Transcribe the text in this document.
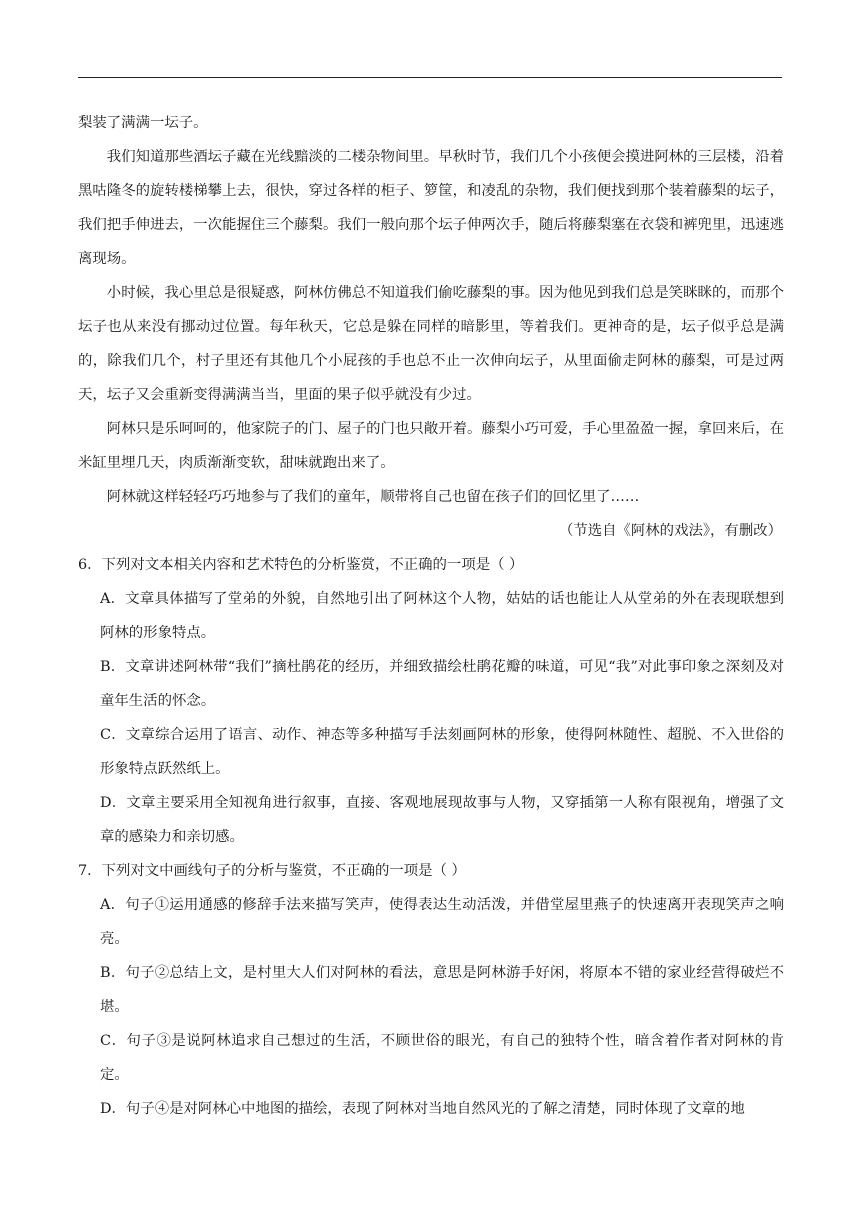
梨装了满满一坛子。

我们知道那些酒坛子藏在光线黯淡的二楼杂物间里。早秋时节，我们几个小孩便会摸进阿林的三层楼，沿着黑咕隆冬的旋转楼梯攀上去，很快，穿过各样的柜子、箩筐，和凌乱的杂物，我们便找到那个装着藤梨的坛子，我们把手伸进去，一次能握住三个藤梨。我们一般向那个坛子伸两次手，随后将藤梨塞在衣袋和裤兜里，迅速逃离现场。

小时候，我心里总是很疑惑，阿林仿佛总不知道我们偷吃藤梨的事。因为他见到我们总是笑眯眯的，而那个坛子也从来没有挪动过位置。每年秋天，它总是躲在同样的暗影里，等着我们。更神奇的是，坛子似乎总是满的，除我们几个，村子里还有其他几个小屁孩的手也总不止一次伸向坛子，从里面偷走阿林的藤梨，可是过两天，坛子又会重新变得满满当当，里面的果子似乎就没有少过。

阿林只是乐呵呵的，他家院子的门、屋子的门也只敞开着。藤梨小巧可爱，手心里盈盈一握，拿回来后，在米缸里埋几天，肉质渐渐变软，甜味就跑出来了。

阿林就这样轻轻巧巧地参与了我们的童年，顺带将自己也留在孩子们的回忆里了……

（节选自《阿林的戏法》，有删改）

6．下列对文本相关内容和艺术特色的分析鉴赏，不正确的一项是（ ）

A．文章具体描写了堂弟的外貌，自然地引出了阿林这个人物，姑姑的话也能让人从堂弟的外在表现联想到阿林的形象特点。

B．文章讲述阿林带“我们”摘杜鹃花的经历，并细致描绘杜鹃花瓣的味道，可见“我”对此事印象之深刻及对童年生活的怀念。

C．文章综合运用了语言、动作、神态等多种描写手法刻画阿林的形象，使得阿林随性、超脱、不入世俗的形象特点跃然纸上。

D．文章主要采用全知视角进行叙事，直接、客观地展现故事与人物，又穿插第一人称有限视角，增强了文章的感染力和亲切感。

7．下列对文中画线句子的分析与鉴赏，不正确的一项是（ ）

A．句子①运用通感的修辞手法来描写笑声，使得表达生动活泼，并借堂屋里燕子的快速离开表现笑声之响亮。

B．句子②总结上文，是村里大人们对阿林的看法，意思是阿林游手好闲，将原本不错的家业经营得破烂不堪。

C．句子③是说阿林追求自己想过的生活，不顾世俗的眼光，有自己的独特个性，暗含着作者对阿林的肯定。

D．句子④是对阿林心中地图的描绘，表现了阿林对当地自然风光的了解之清楚，同时体现了文章的地
